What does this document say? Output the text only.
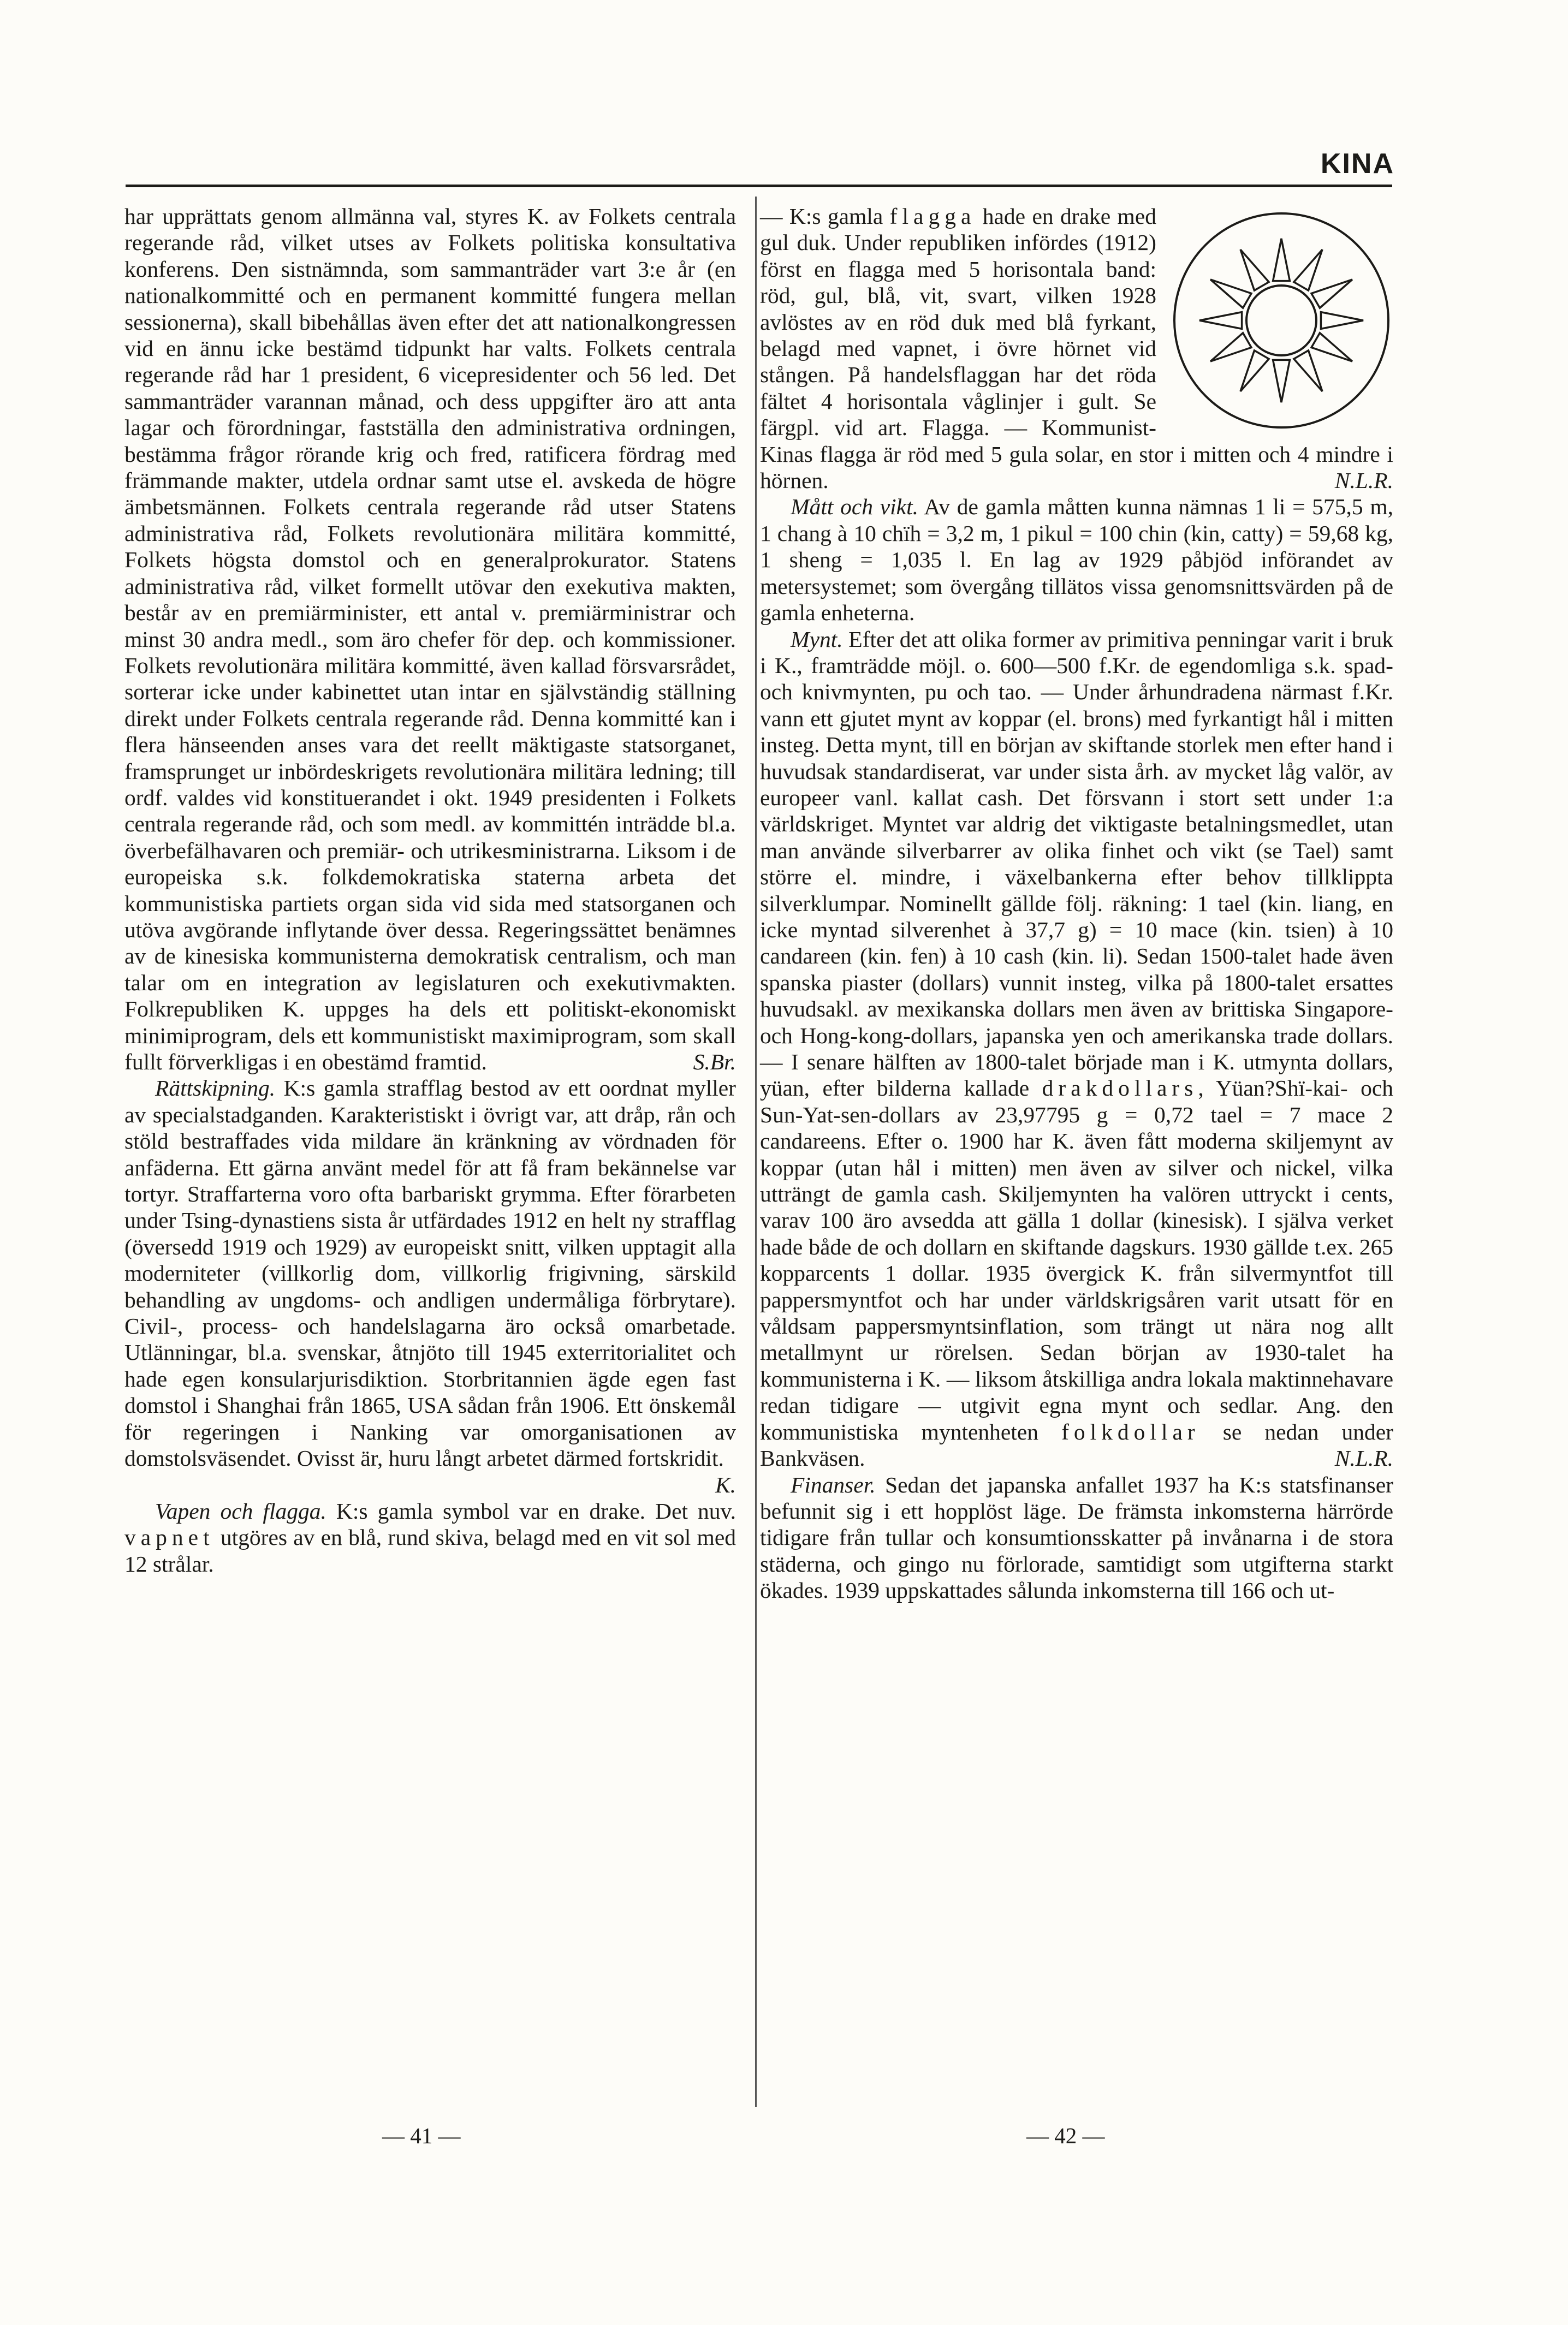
KINA

har upprättats genom allmänna val, styres K. av Folkets centrala regerande råd, vilket utses av Folkets politiska konsultativa konferens. Den sistnämnda, som sammanträder vart 3:e år (en nationalkommitté och en permanent kommitté fungera mellan sessionerna), skall bibehållas även efter det att nationalkongressen vid en ännu icke bestämd tidpunkt har valts. Folkets centrala regerande råd har 1 president, 6 vicepresidenter och 56 led. Det sammanträder varannan månad, och dess uppgifter äro att anta lagar och förordningar, fastställa den administrativa ordningen, bestämma frågor rörande krig och fred, ratificera fördrag med främmande makter, utdela ordnar samt utse el. avskeda de högre ämbetsmännen. Folkets centrala regerande råd utser Statens administrativa råd, Folkets revolutionära militära kommitté, Folkets högsta domstol och en generalprokurator. Statens administrativa råd, vilket formellt utövar den exekutiva makten, består av en premiärminister, ett antal v. premiärministrar och minst 30 andra medl., som äro chefer för dep. och kommissioner. Folkets revolutionära militära kommitté, även kallad försvarsrådet, sorterar icke under kabinettet utan intar en självständig ställning direkt under Folkets centrala regerande råd. Denna kommitté kan i flera hänseenden anses vara det reellt mäktigaste statsorganet, framsprunget ur inbördeskrigets revolutionära militära ledning; till ordf. valdes vid konstituerandet i okt. 1949 presidenten i Folkets centrala regerande råd, och som medl. av kommittén inträdde bl.a. överbefälhavaren och premiär- och utrikesministrarna. Liksom i de europeiska s.k. folkdemokratiska staterna arbeta det kommunistiska partiets organ sida vid sida med statsorganen och utöva avgörande inflytande över dessa. Regeringssättet benämnes av de kinesiska kommunisterna demokratisk centralism, och man talar om en integration av legislaturen och exekutivmakten. Folkrepubliken K. uppges ha dels ett politiskt-ekonomiskt minimiprogram, dels ett kommunistiskt maximiprogram, som skall fullt förverkligas i en obestämd framtid.	S.Br.

Rättskipning. K:s gamla strafflag bestod av ett oordnat myller av specialstadganden. Karakteristiskt i övrigt var, att dråp, rån och stöld bestraffades vida mildare än kränkning av vördnaden för anfäderna. Ett gärna använt medel för att få fram bekännelse var tortyr. Straffarterna voro ofta barbariskt grymma. Efter förarbeten under Tsing-dynastiens sista år utfärdades 1912 en helt ny strafflag (översedd 1919 och 1929) av europeiskt snitt, vilken upptagit alla moderniteter (villkorlig dom, villkorlig frigivning, särskild behandling av ungdoms- och andligen undermåliga förbrytare). Civil-, process- och handelslagarna äro också omarbetade. Utlänningar, bl.a. svenskar, åtnjöto till 1945 exterritorialitet och hade egen konsularjurisdiktion. Storbritannien ägde egen fast domstol i Shanghai från 1865, USA sådan från 1906. Ett önskemål för regeringen i Nanking var omorganisationen av domstolsväsendet. Ovisst är, huru långt arbetet därmed fortskridit.
K.

Vapen och flagga. K:s gamla symbol var en drake. Det nuv. vapnet utgöres av en blå, rund skiva, belagd med en vit sol med 12 strålar.

— K:s gamla flagga hade en drake med gul duk. Under republiken infördes (1912) först en flagga med 5 horisontala band: röd, gul, blå, vit, svart, vilken 1928 avlöstes av en röd duk med blå fyrkant, belagd med vapnet, i övre hörnet vid stången. På handelsflaggan har det röda fältet 4 horisontala våglinjer i gult. Se färgpl. vid art. Flagga. — Kommunist-Kinas flagga är röd med 5 gula solar, en stor i mitten och 4 mindre i hörnen.	N.L.R.

Mått och vikt. Av de gamla måtten kunna nämnas 1 li = 575,5 m, 1 chang à 10 chïh = 3,2 m, 1 pikul = 100 chin (kin, catty) = 59,68 kg, 1 sheng = 1,035 l. En lag av 1929 påbjöd införandet av metersystemet; som övergång tillätos vissa genomsnittsvärden på de gamla enheterna.

Mynt. Efter det att olika former av primitiva penningar varit i bruk i K., framträdde möjl. o. 600—500 f.Kr. de egendomliga s.k. spad- och knivmynten, pu och tao. — Under århundradena närmast f.Kr. vann ett gjutet mynt av koppar (el. brons) med fyrkantigt hål i mitten insteg. Detta mynt, till en början av skiftande storlek men efter hand i huvudsak standardiserat, var under sista årh. av mycket låg valör, av europeer vanl. kallat cash. Det försvann i stort sett under 1:a världskriget. Myntet var aldrig det viktigaste betalningsmedlet, utan man använde silverbarrer av olika finhet och vikt (se Tael) samt större el. mindre, i växelbankerna efter behov tillklippta silverklumpar. Nominellt gällde följ. räkning: 1 tael (kin. liang, en icke myntad silverenhet à 37,7 g) = 10 mace (kin. tsien) à 10 candareen (kin. fen) à 10 cash (kin. li). Sedan 1500-talet hade även spanska piaster (dollars) vunnit insteg, vilka på 1800-talet ersattes huvudsakl. av mexikanska dollars men även av brittiska Singapore- och Hong-kong-dollars, japanska yen och amerikanska trade dollars. — I senare hälften av 1800-talet började man i K. utmynta dollars, yüan, efter bilderna kallade drakdollars, Yüan?Shï-kai- och Sun-Yat-sen-dollars av 23,97795 g = 0,72 tael = 7 mace 2 candareens. Efter o. 1900 har K. även fått moderna skiljemynt av koppar (utan hål i mitten) men även av silver och nickel, vilka utträngt de gamla cash. Skiljemynten ha valören uttryckt i cents, varav 100 äro avsedda att gälla 1 dollar (kinesisk). I själva verket hade både de och dollarn en skiftande dagskurs. 1930 gällde t.ex. 265 kopparcents 1 dollar. 1935 övergick K. från silvermyntfot till pappersmyntfot och har under världskrigsåren varit utsatt för en våldsam pappersmyntsinflation, som trängt ut nära nog allt metallmynt ur rörelsen. Sedan början av 1930-talet ha kommunisterna i K. — liksom åtskilliga andra lokala maktinnehavare redan tidigare — utgivit egna mynt och sedlar. Ang. den kommunistiska myntenheten folkdollar se nedan under Bankväsen.	N.L.R.

Finanser. Sedan det japanska anfallet 1937 ha K:s statsfinanser befunnit sig i ett hopplöst läge. De främsta inkomsterna härrörde tidigare från tullar och konsumtionsskatter på invånarna i de stora städerna, och gingo nu förlorade, samtidigt som utgifterna starkt ökades. 1939 uppskattades sålunda inkomsterna till 166 och ut-

— 41 —	— 42 —
